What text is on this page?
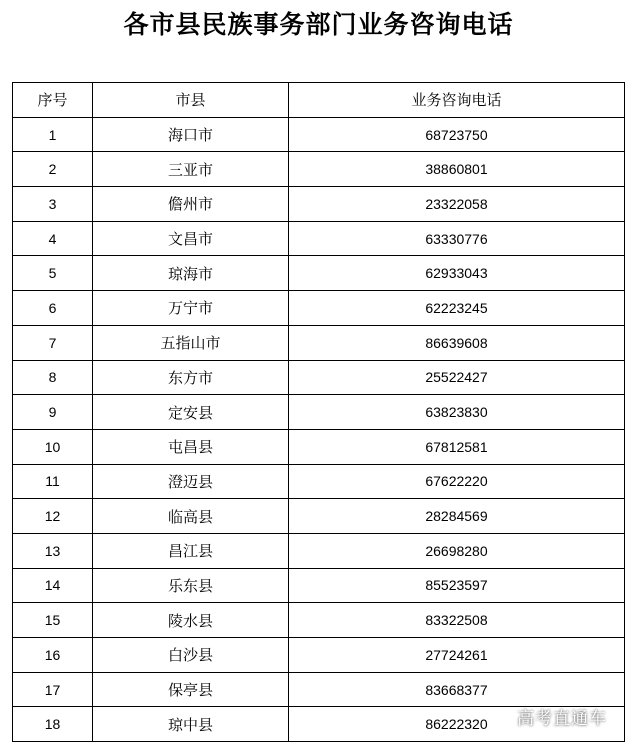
各市县民族事务部门业务咨询电话
序号	市县	业务咨询电话
1	海口市	68723750
2	三亚市	38860801
3	儋州市	23322058
4	文昌市	63330776
5	琼海市	62933043
6	万宁市	62223245
7	五指山市	86639608
8	东方市	25522427
9	定安县	63823830
10	屯昌县	67812581
11	澄迈县	67622220
12	临高县	28284569
13	昌江县	26698280
14	乐东县	85523597
15	陵水县	83322508
16	白沙县	27724261
17	保亭县	83668377
18	琼中县	86222320 高考直通车
